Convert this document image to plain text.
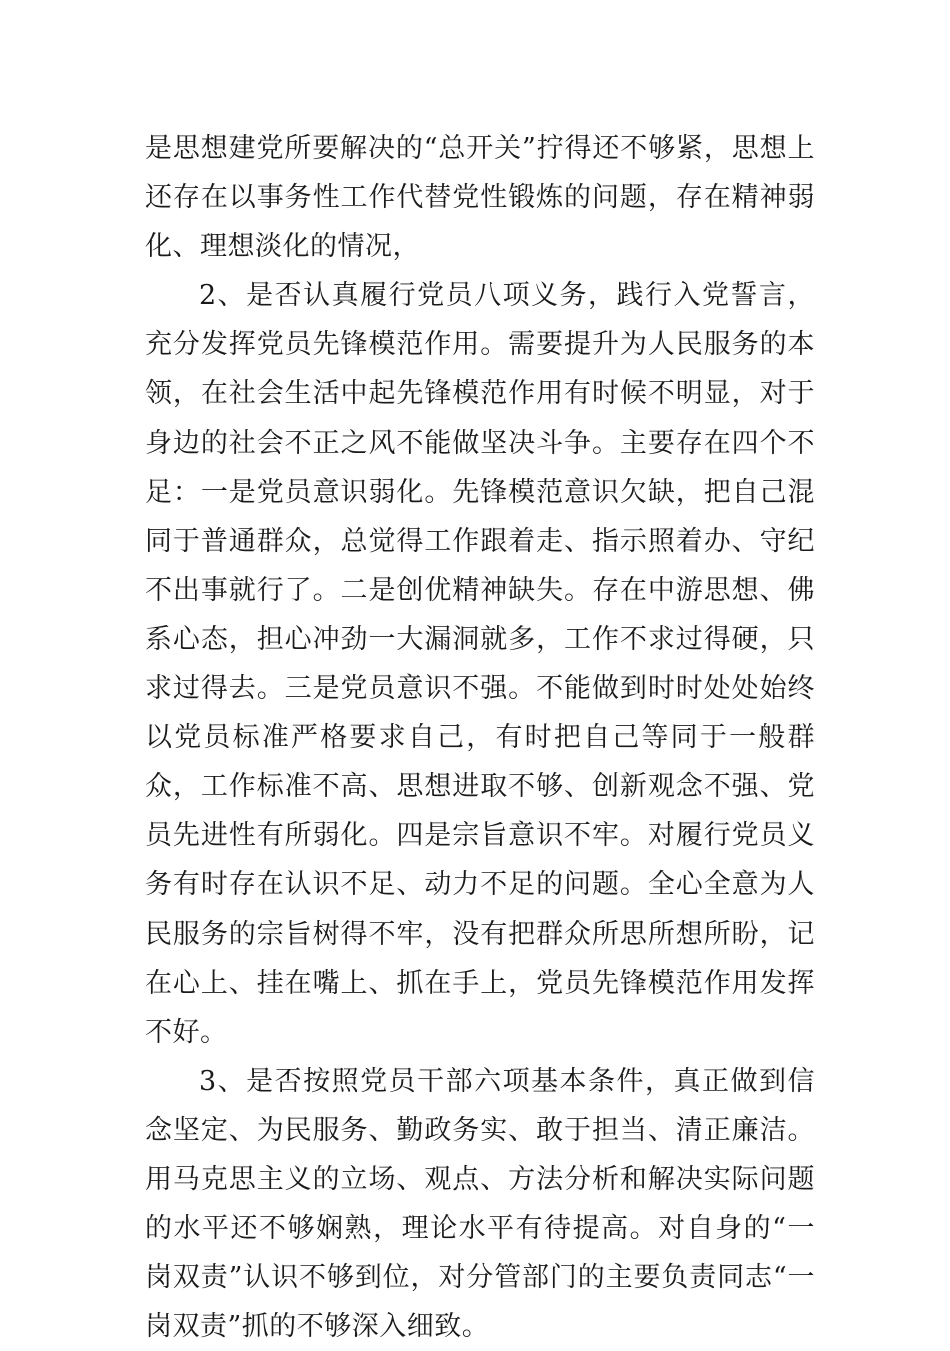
是思想建党所要解决的“总开关”拧得还不够紧，思想上还存在以事务性工作代替党性锻炼的问题，存在精神弱化、理想淡化的情况，

2、是否认真履行党员八项义务，践行入党誓言，充分发挥党员先锋模范作用。需要提升为人民服务的本领，在社会生活中起先锋模范作用有时候不明显，对于身边的社会不正之风不能做坚决斗争。主要存在四个不足：一是党员意识弱化。先锋模范意识欠缺，把自己混同于普通群众，总觉得工作跟着走、指示照着办、守纪不出事就行了。二是创优精神缺失。存在中游思想、佛系心态，担心冲劲一大漏洞就多，工作不求过得硬，只求过得去。三是党员意识不强。不能做到时时处处始终以党员标准严格要求自己，有时把自己等同于一般群众，工作标准不高、思想进取不够、创新观念不强、党员先进性有所弱化。四是宗旨意识不牢。对履行党员义务有时存在认识不足、动力不足的问题。全心全意为人民服务的宗旨树得不牢，没有把群众所思所想所盼，记在心上、挂在嘴上、抓在手上，党员先锋模范作用发挥不好。

3、是否按照党员干部六项基本条件，真正做到信念坚定、为民服务、勤政务实、敢于担当、清正廉洁。用马克思主义的立场、观点、方法分析和解决实际问题的水平还不够娴熟，理论水平有待提高。对自身的“一岗双责”认识不够到位，对分管部门的主要负责同志“一岗双责”抓的不够深入细致。
